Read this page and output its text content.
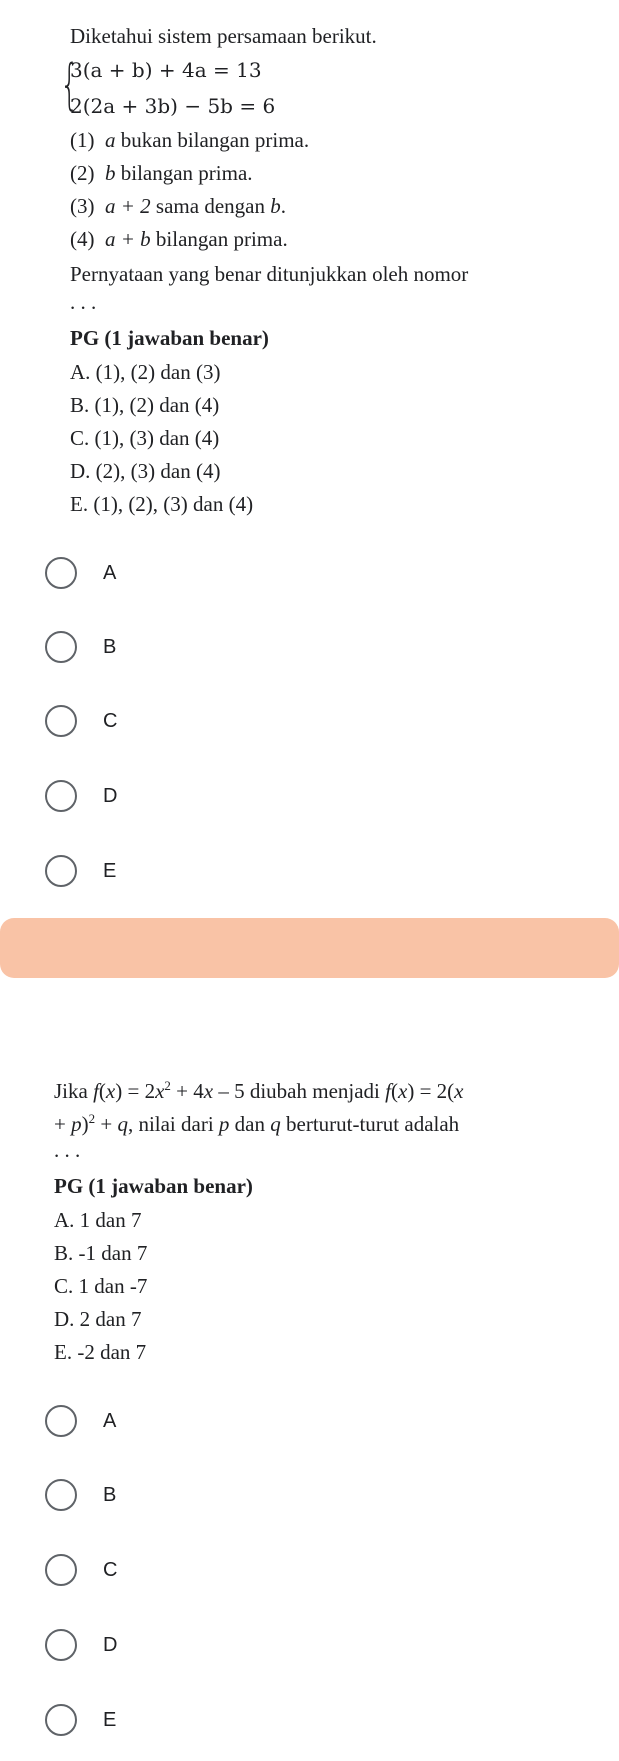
Diketahui sistem persamaan berikut.
{
3(a + b) + 4a = 13
2(2a + 3b) − 5b = 6
(1) a bukan bilangan prima.
(2) b bilangan prima.
(3) a + 2 sama dengan b.
(4) a + b bilangan prima.
Pernyataan yang benar ditunjukkan oleh nomor
. . .
PG (1 jawaban benar)
A. (1), (2) dan (3)
B. (1), (2) dan (4)
C. (1), (3) dan (4)
D. (2), (3) dan (4)
E. (1), (2), (3) dan (4)
A
B
C
D
E
Jika $f(x) = 2x^2 + 4x - 5$ diubah menjadi f(x) = 2(x
+ p)$^2$ + q, nilai dari p dan q berturut-turut adalah
. . .
PG (1 jawaban benar)
A. 1 dan 7
B. -1 dan 7
C. 1 dan -7
D. 2 dan 7
E. -2 dan 7
A
B
C
D
E
